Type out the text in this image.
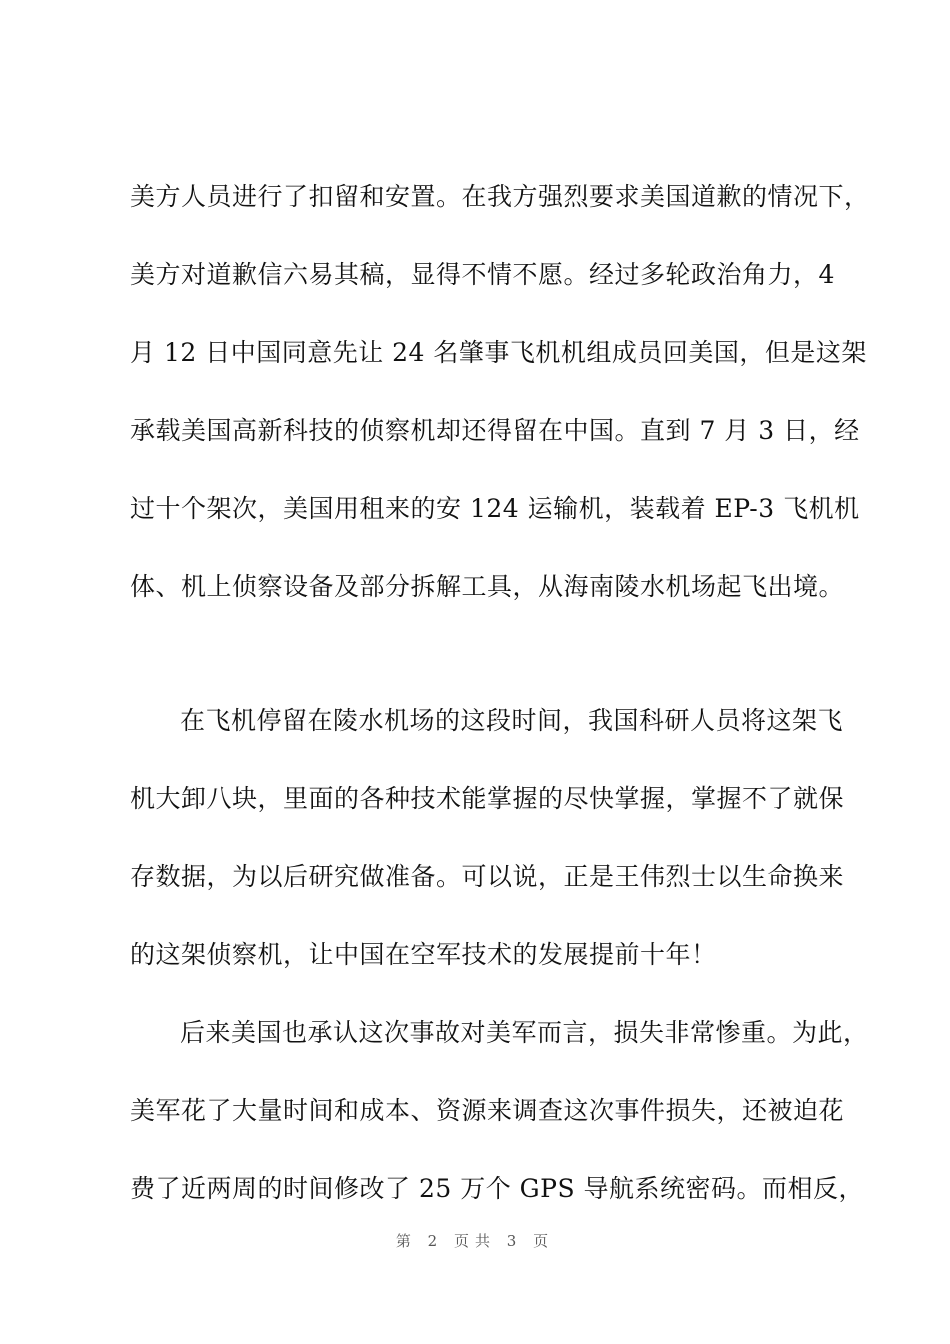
美方人员进行了扣留和安置。在我方强烈要求美国道歉的情况下，
美方对道歉信六易其稿，显得不情不愿。经过多轮政治角力，4
月 12 日中国同意先让 24 名肇事飞机机组成员回美国，但是这架
承载美国高新科技的侦察机却还得留在中国。直到 7 月 3 日，经
过十个架次，美国用租来的安 124 运输机，装载着 EP-3 飞机机
体、机上侦察设备及部分拆解工具，从海南陵水机场起飞出境。
在飞机停留在陵水机场的这段时间，我国科研人员将这架飞
机大卸八块，里面的各种技术能掌握的尽快掌握，掌握不了就保
存数据，为以后研究做准备。可以说，正是王伟烈士以生命换来
的这架侦察机，让中国在空军技术的发展提前十年！
后来美国也承认这次事故对美军而言，损失非常惨重。为此，
美军花了大量时间和成本、资源来调查这次事件损失，还被迫花
费了近两周的时间修改了 25 万个 GPS 导航系统密码。而相反，
第 2 页共 3 页
